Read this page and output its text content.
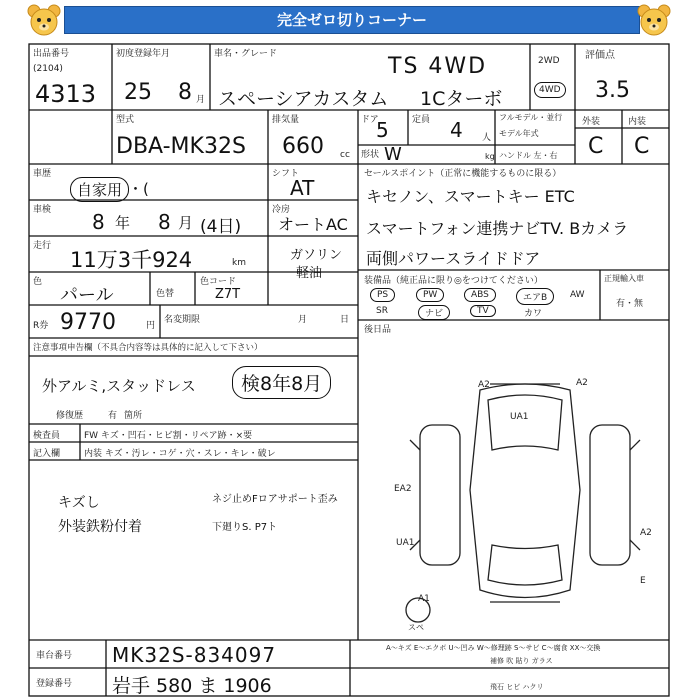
完全ゼロ切りコーナー
出品番号
(2104)
4313
初度登録年月
25 8 月
車名・グレード	TS 4WD
スペーシアカスタム 1Cターボ
2WD
4WD
評価点
3.5
外装	内装
C C
型式
DBA-MK32S
排気量
660 cc
ドア
5	定員 4 人
形状 W	kg
フルモデル・並行
モデル年式
ハンドル 左・右
車歴
自家用 ・(
シフト
AT
車検 8 年 8 月 (4日)
冷房
オートAC
走行
11万3千924	km	ガソリン
軽油
色
パール	色替
色コード
Z7T
R券 9770	円
名変期限	月	日
注意事項申告欄（不具合内容等は具体的に記入して下さい）
外アルミ,スタッドレス	検8年8月
修復歴	有 箇所
検査員
記入欄
FW キズ・凹石・ヒビ割・リペア跡・×要
内装 キズ・汚レ・コゲ・穴・スレ・キレ・破レ
キズし
外装鉄粉付着
ネジ止めFロアサポート歪み
下廻りS. P7ト
セールスポイント（正常に機能するものに限る）
キセノン、スマートキー ETC
スマートフォン連携ナビTV. Bカメラ
両側パワースライドドア
装備品（純正品に限り◎をつけてください）
PS	PW	ABS	エアB	AW
SR	ナビ	TV	カワ
正規輸入車
有・無
後日品
A2	A2
UA1
EA2
UA1
A2
A1
E
スペ
A～キズ E～エクボ U～凹み W～修理跡 S～サビ C～腐食 XX～交換
補修 吹 貼り ガラス
飛石 ヒビ ハクリ
車台番号 MK32S-834097
登録番号 岩手 580 ま 1906
